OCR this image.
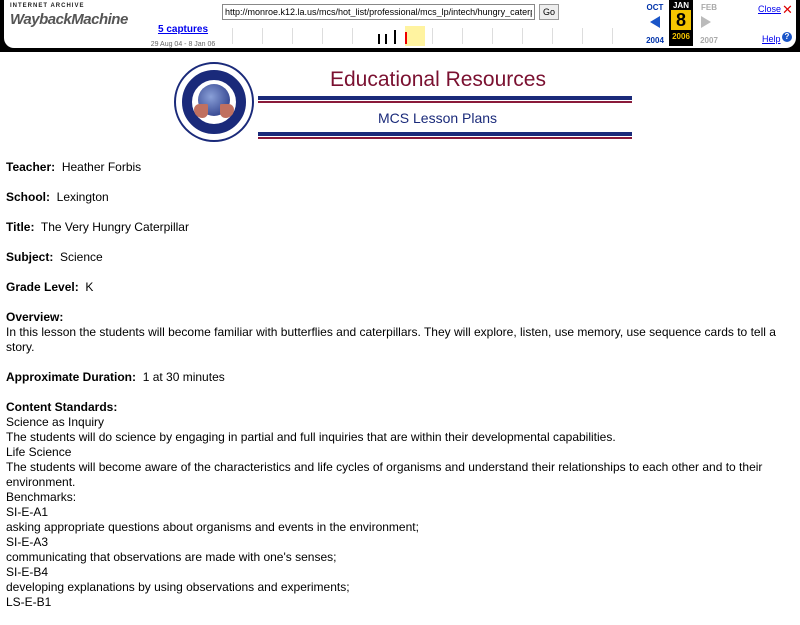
INTERNET ARCHIVE
WaybackMachine
5 captures
29 Aug 04 - 8 Jan 06
http://monroe.k12.la.us/mcs/hot_list/professional/mcs_lp/intech/hungry_caterpillar
Go	OCT	FEB
2004	2007
JAN
8
2006
Close ✕
Help ?
Educational Resources
MCS Lesson Plans
Teacher: Heather Forbis
School: Lexington
Title: The Very Hungry Caterpillar
Subject: Science
Grade Level: K
Overview:
In this lesson the students will become familiar with butterflies and caterpillars. They will explore, listen, use memory, use sequence cards to tell a story.
Approximate Duration: 1 at 30 minutes
Content Standards:
Science as Inquiry
The students will do science by engaging in partial and full inquiries that are within their developmental capabilities.
Life Science
The students will become aware of the characteristics and life cycles of organisms and understand their relationships to each other and to their environment.
Benchmarks:
SI-E-A1
asking appropriate questions about organisms and events in the environment;
SI-E-A3
communicating that observations are made with one's senses;
SI-E-B4
developing explanations by using observations and experiments;
LS-E-B1
